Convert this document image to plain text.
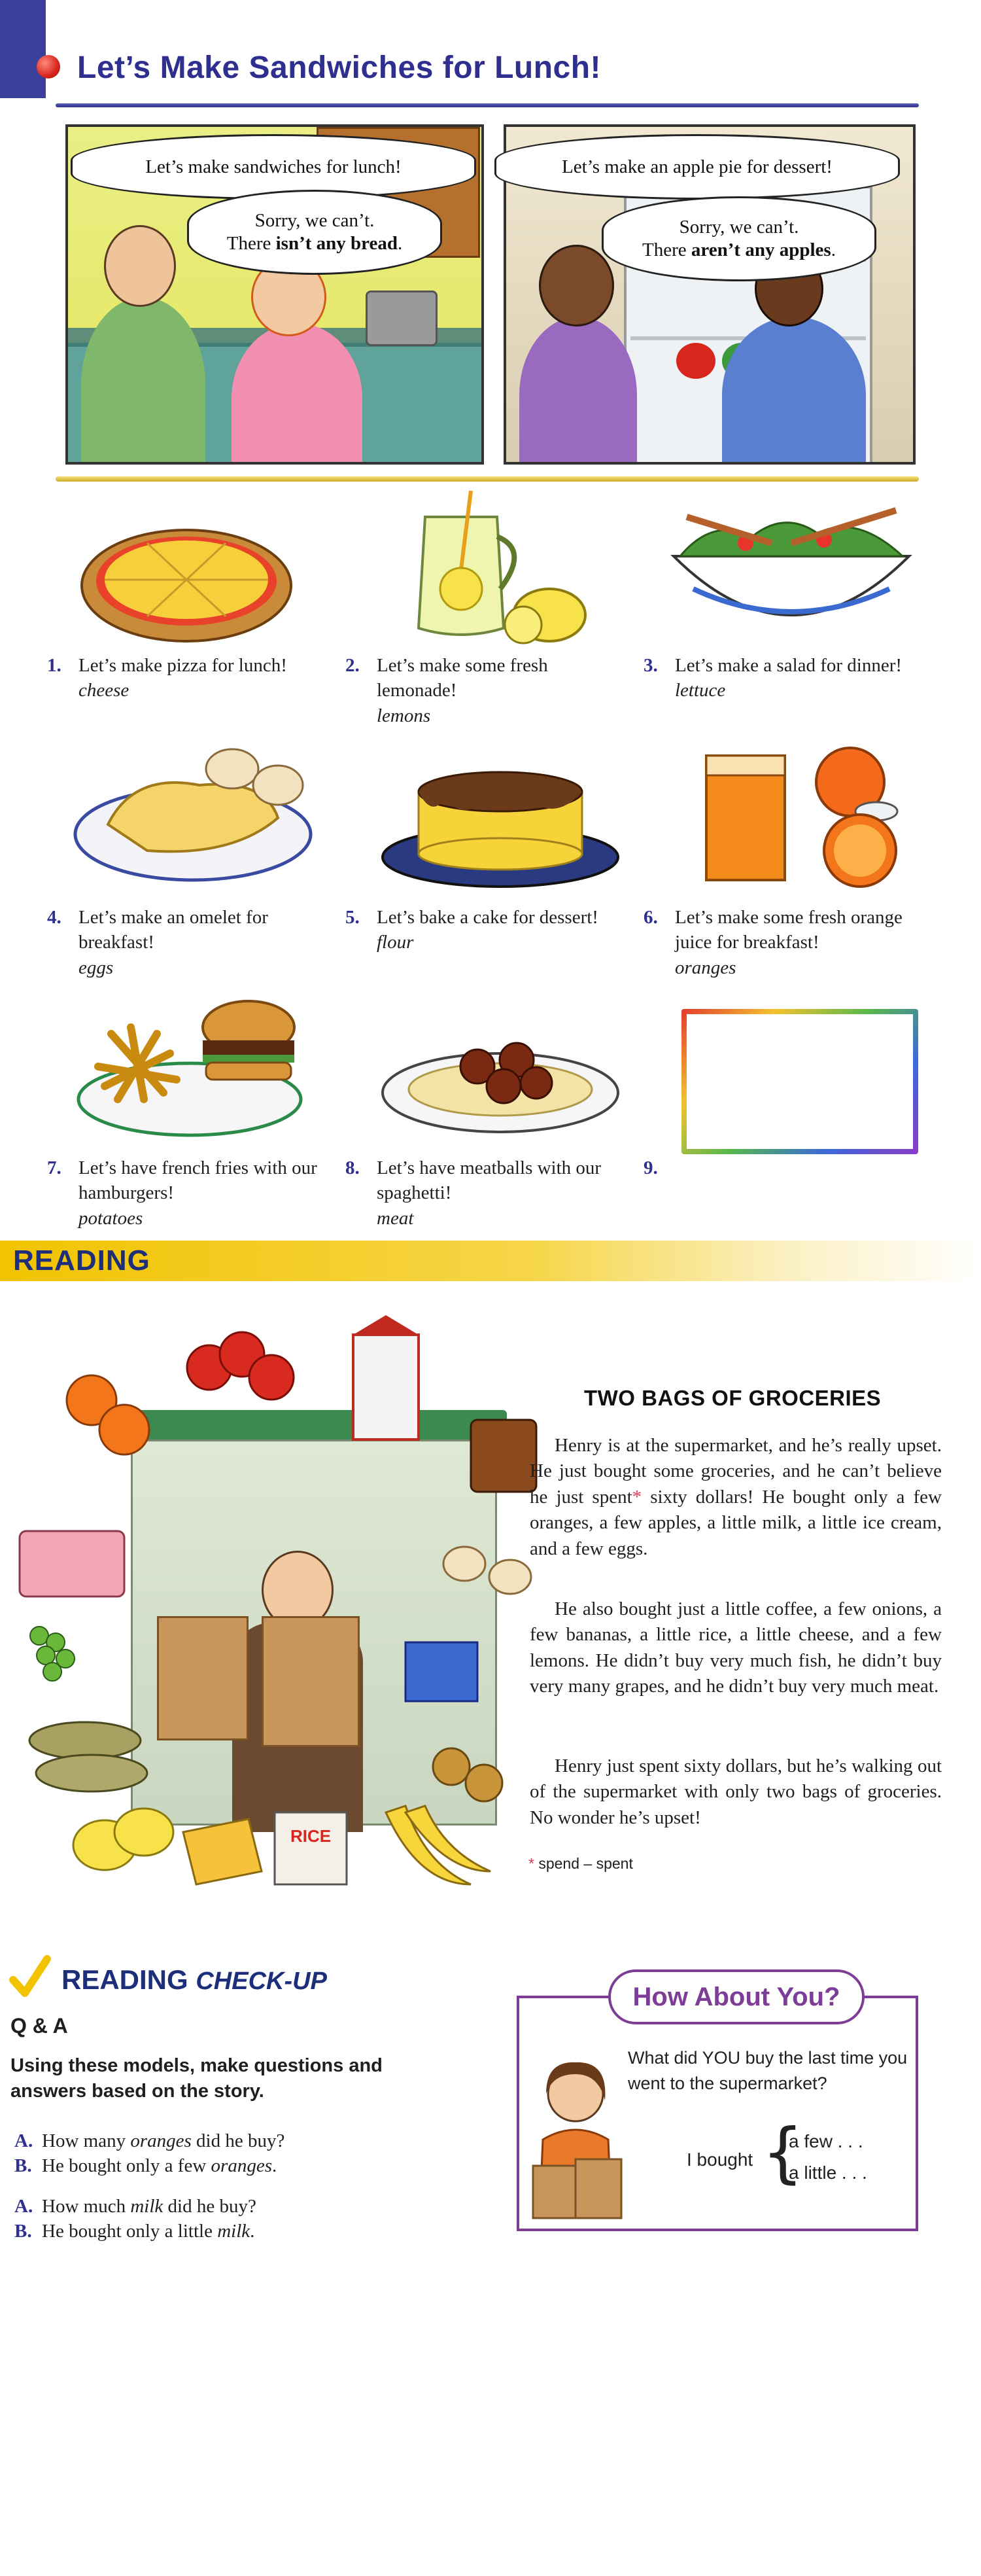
Let’s Make Sandwiches for Lunch!
Let’s make sandwiches for lunch!
Sorry, we can’t.
There isn’t any bread.
Let’s make an apple pie for dessert!
Sorry, we can’t.
There aren’t any apples.
1. Let’s make pizza for lunch!
cheese
2. Let’s make some fresh lemonade!
lemons
3. Let’s make a salad for dinner!
lettuce
4. Let’s make an omelet for breakfast!
eggs
5. Let’s bake a cake for dessert!
flour
6. Let’s make some fresh orange juice for breakfast!
oranges
7. Let’s have french fries with our hamburgers!
potatoes
8. Let’s have meatballs with our spaghetti!
meat
9.
READING
RICE
TWO BAGS OF GROCERIES

Henry is at the supermarket, and he’s really upset. He just bought some groceries, and he can’t believe he just spent* sixty dollars! He bought only a few oranges, a few apples, a little milk, a little ice cream, and a few eggs.

He also bought just a little coffee, a few onions, a few bananas, a little rice, a little cheese, and a few lemons. He didn’t buy very much fish, he didn’t buy very many grapes, and he didn’t buy very much meat.

Henry just spent sixty dollars, but he’s walking out of the supermarket with only two bags of groceries. No wonder he’s upset!

* spend – spent
READING CHECK-UP
Q & A
Using these models, make questions and answers based on the story.
A. How many oranges did he buy?
B. He bought only a few oranges.
A. How much milk did he buy?
B. He bought only a little milk.
How About You?
What did YOU buy the last time you went to the supermarket?
I bought {
a few . . .
a little . . .
